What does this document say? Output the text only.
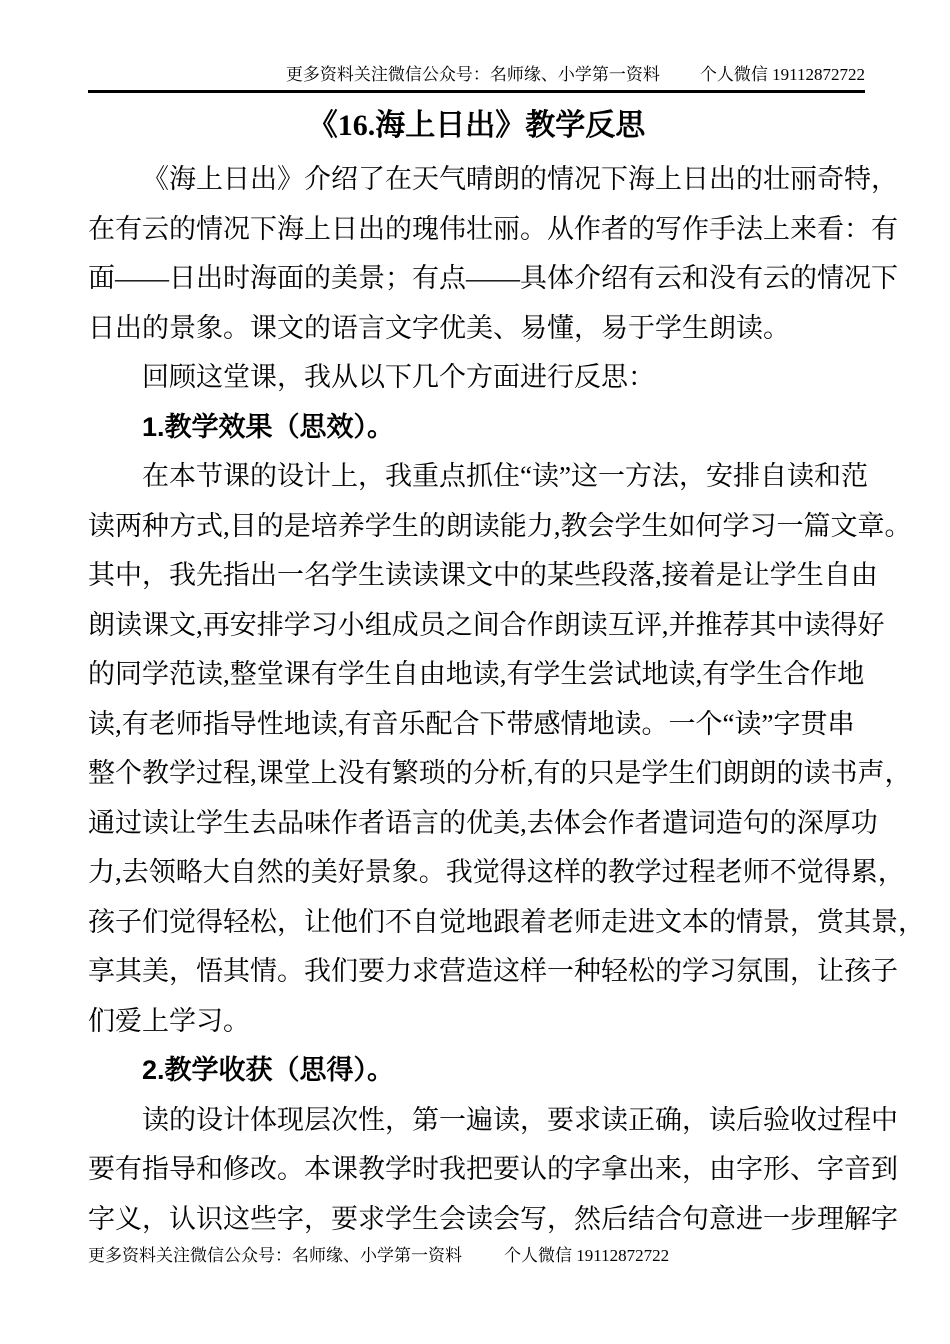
更多资料关注微信公众号：名师缘、小学第一资料 个人微信 19112872722
《16.海上日出》教学反思
《海上日出》介绍了在天气晴朗的情况下海上日出的壮丽奇特，
在有云的情况下海上日出的瑰伟壮丽。从作者的写作手法上来看：有
面——日出时海面的美景；有点——具体介绍有云和没有云的情况下
日出的景象。课文的语言文字优美、易懂，易于学生朗读。
回顾这堂课，我从以下几个方面进行反思：
1.教学效果（思效）。
在本节课的设计上，我重点抓住“读”这一方法，安排自读和范
读两种方式,目的是培养学生的朗读能力,教会学生如何学习一篇文章。
其中，我先指出一名学生读读课文中的某些段落,接着是让学生自由
朗读课文,再安排学习小组成员之间合作朗读互评,并推荐其中读得好
的同学范读,整堂课有学生自由地读,有学生尝试地读,有学生合作地
读,有老师指导性地读,有音乐配合下带感情地读。一个“读”字贯串
整个教学过程,课堂上没有繁琐的分析,有的只是学生们朗朗的读书声，
通过读让学生去品味作者语言的优美,去体会作者遣词造句的深厚功
力,去领略大自然的美好景象。我觉得这样的教学过程老师不觉得累，
孩子们觉得轻松，让他们不自觉地跟着老师走进文本的情景，赏其景，
享其美，悟其情。我们要力求营造这样一种轻松的学习氛围，让孩子
们爱上学习。
2.教学收获（思得）。
读的设计体现层次性，第一遍读，要求读正确，读后验收过程中
要有指导和修改。本课教学时我把要认的字拿出来，由字形、字音到
字义，认识这些字，要求学生会读会写，然后结合句意进一步理解字
更多资料关注微信公众号：名师缘、小学第一资料 个人微信 19112872722
